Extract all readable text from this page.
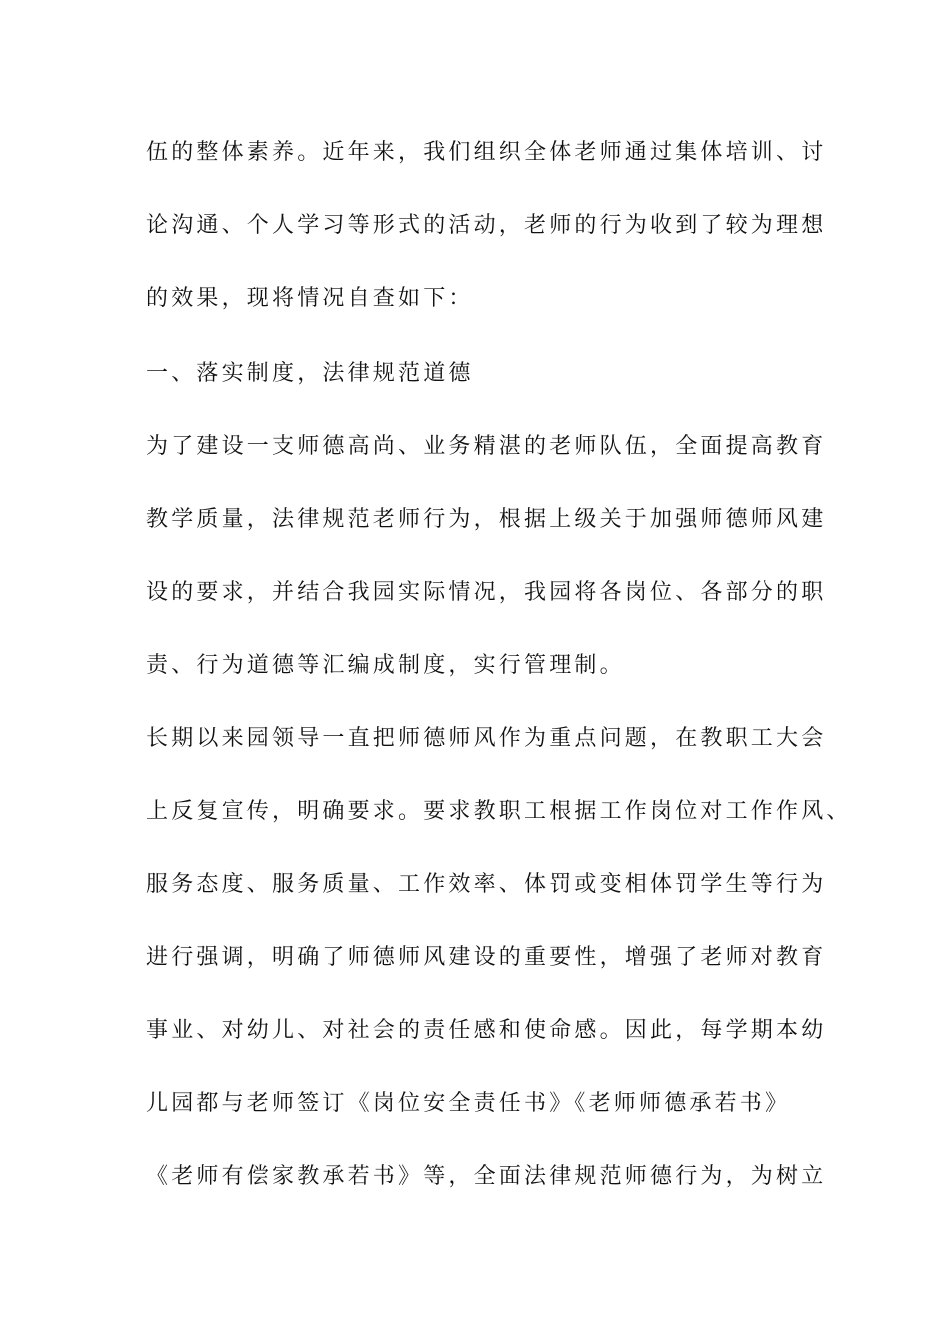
伍的整体素养。近年来，我们组织全体老师通过集体培训、讨
论沟通、个人学习等形式的活动，老师的行为收到了较为理想
的效果，现将情况自查如下：
一、落实制度，法律规范道德
为了建设一支师德高尚、业务精湛的老师队伍，全面提高教育
教学质量，法律规范老师行为，根据上级关于加强师德师风建
设的要求，并结合我园实际情况，我园将各岗位、各部分的职
责、行为道德等汇编成制度，实行管理制。
长期以来园领导一直把师德师风作为重点问题，在教职工大会
上反复宣传，明确要求。要求教职工根据工作岗位对工作作风、
服务态度、服务质量、工作效率、体罚或变相体罚学生等行为
进行强调，明确了师德师风建设的重要性，增强了老师对教育
事业、对幼儿、对社会的责任感和使命感。因此，每学期本幼
儿园都与老师签订《岗位安全责任书》《老师师德承若书》
《老师有偿家教承若书》等，全面法律规范师德行为，为树立
